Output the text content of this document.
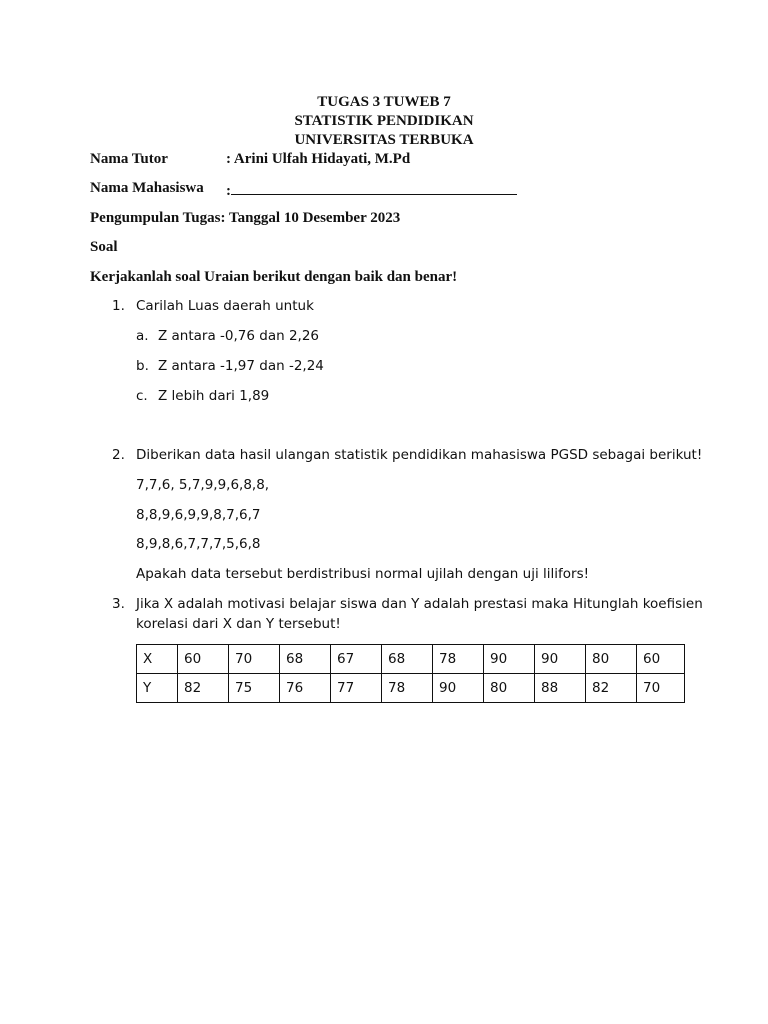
TUGAS 3 TUWEB 7
STATISTIK PENDIDIKAN
UNIVERSITAS TERBUKA
Nama Tutor	: Arini Ulfah Hidayati, M.Pd
Nama Mahasiswa :
Pengumpulan Tugas: Tanggal 10 Desember 2023
Soal
Kerjakanlah soal Uraian berikut dengan baik dan benar!
1. Carilah Luas daerah untuk
a. Z antara -0,76 dan 2,26
b. Z antara -1,97 dan -2,24
c. Z lebih dari 1,89
2. Diberikan data hasil ulangan statistik pendidikan mahasiswa PGSD sebagai berikut!
7,7,6, 5,7,9,9,6,8,8,
8,8,9,6,9,9,8,7,6,7
8,9,8,6,7,7,7,5,6,8
Apakah data tersebut berdistribusi normal ujilah dengan uji lilifors!
3. Jika X adalah motivasi belajar siswa dan Y adalah prestasi maka Hitunglah koefisien
korelasi dari X dan Y tersebut!
X	60	70	68	67	68	78	90	90	80	60
Y	82	75	76	77	78	90	80	88	82	70
